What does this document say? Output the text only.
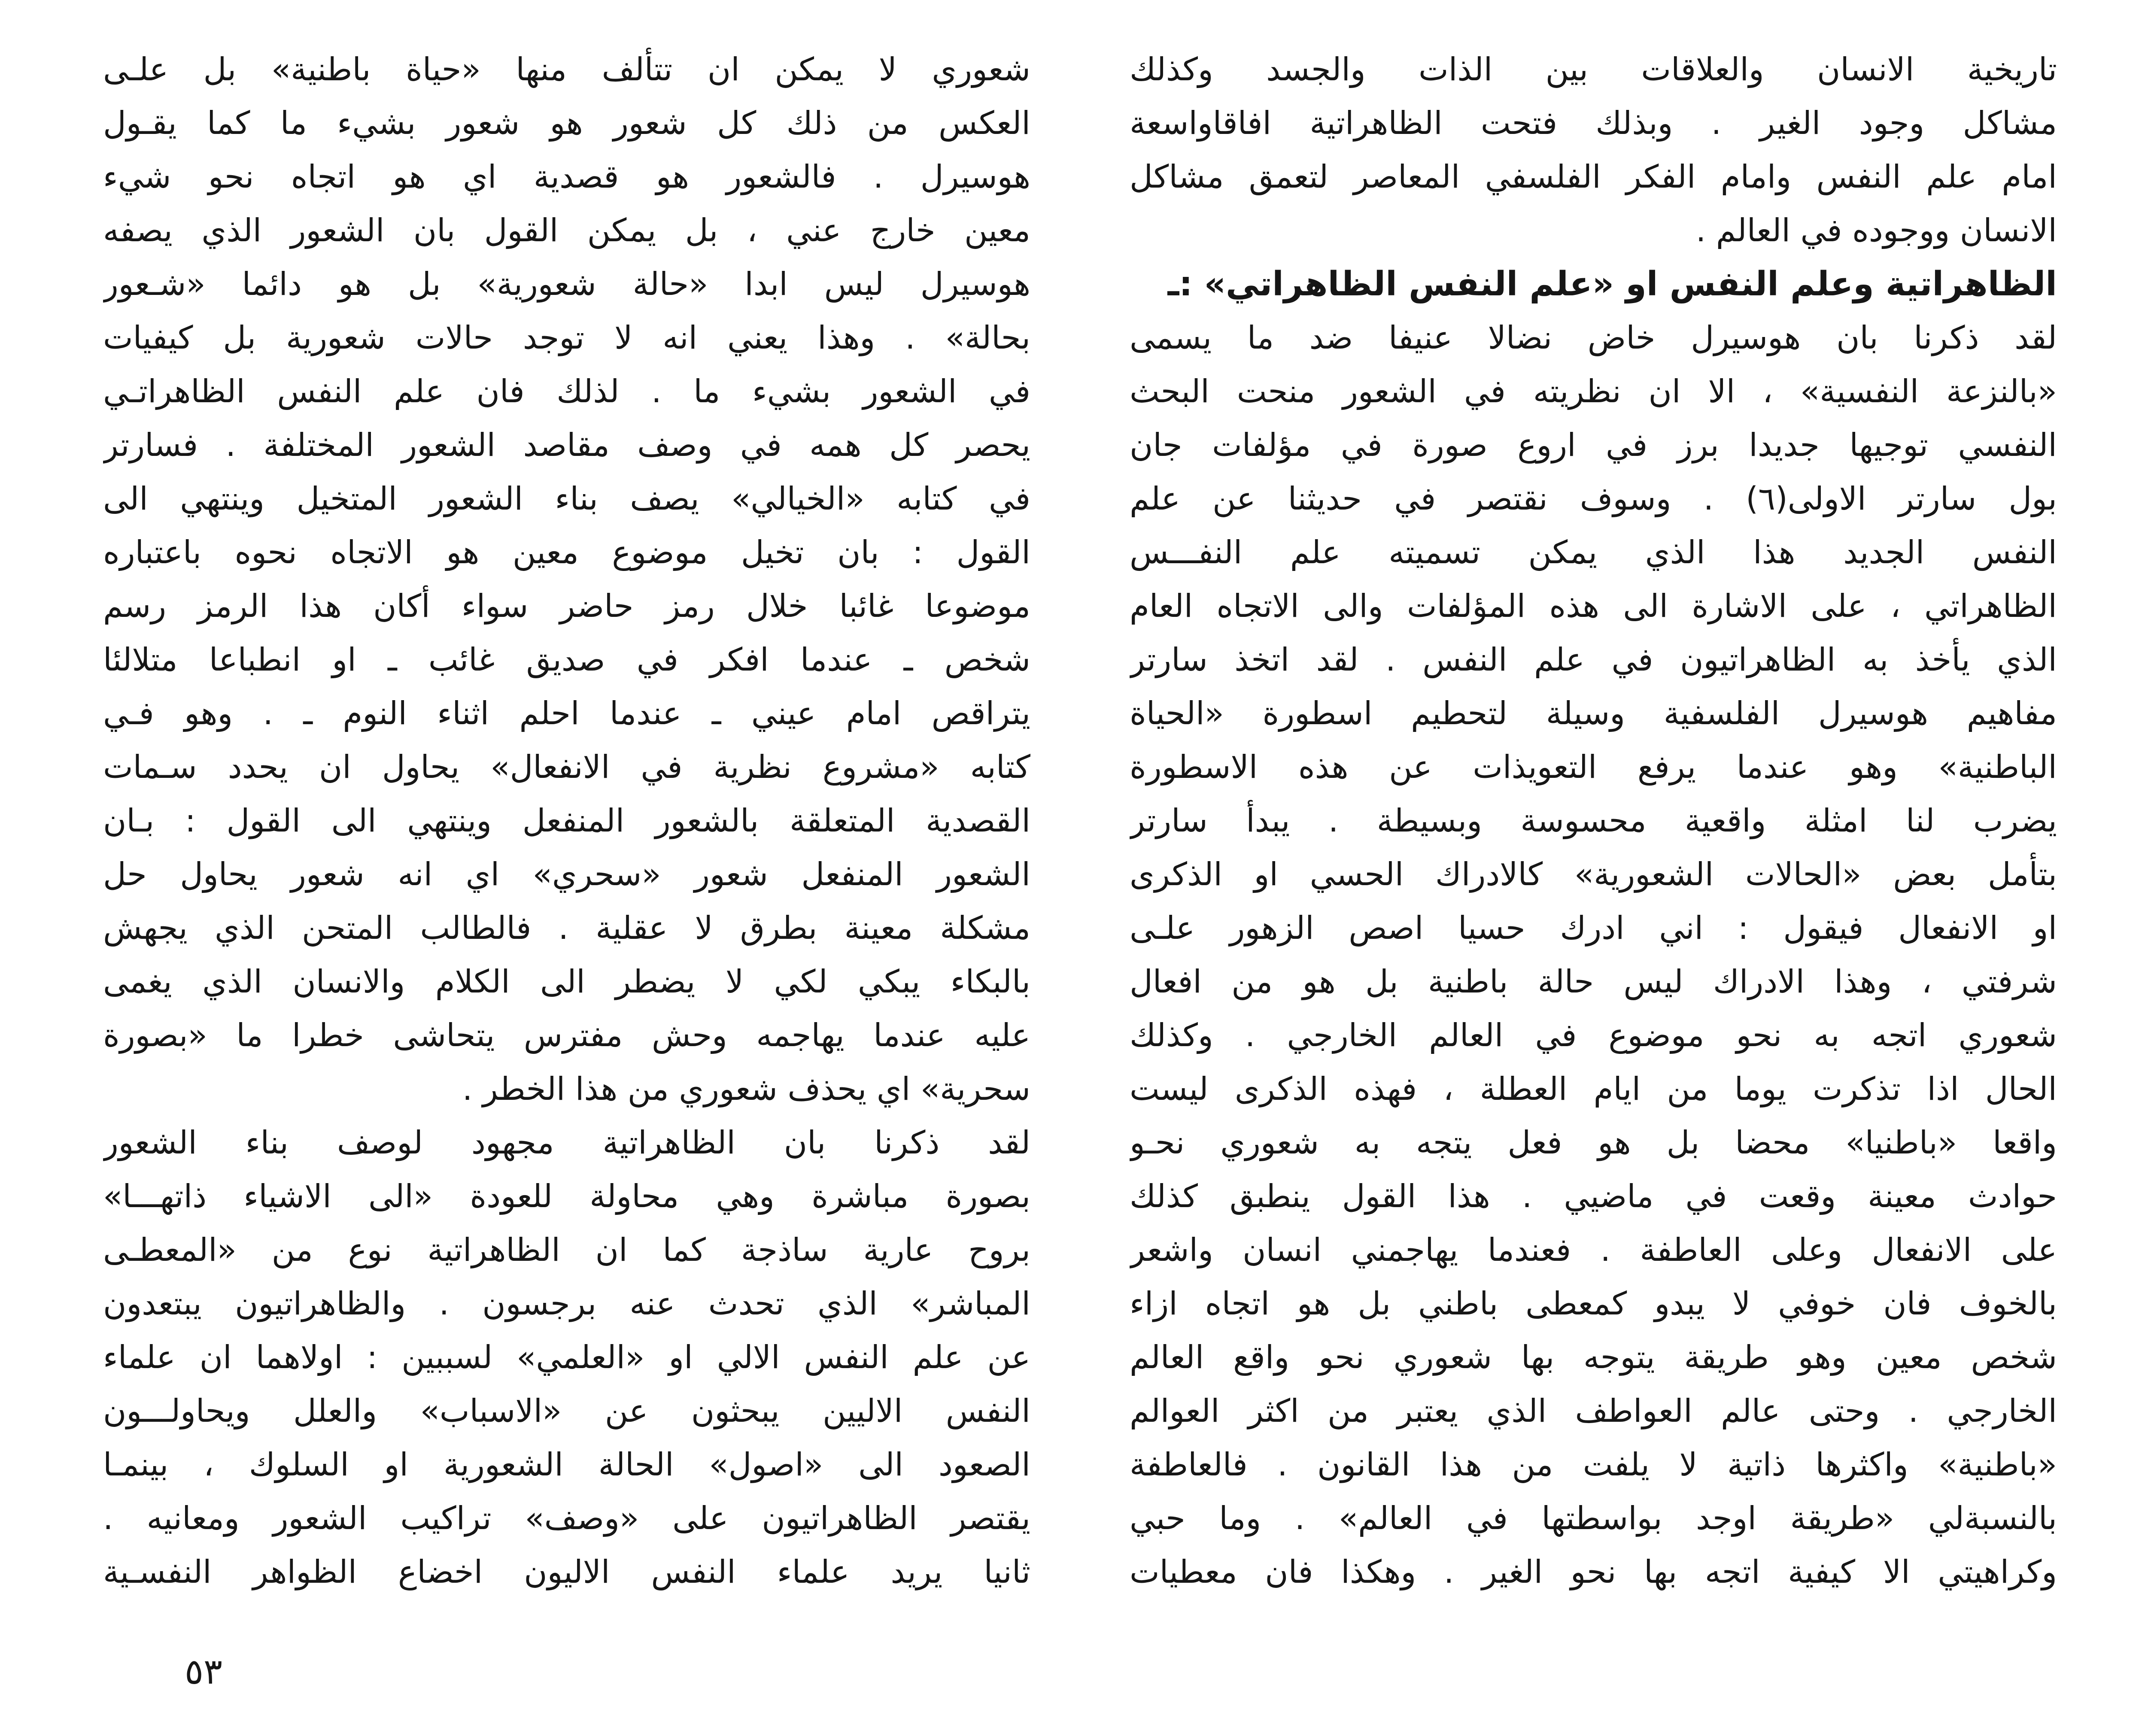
تاريخية الانسان والعلاقات بين الذات والجسد وكذلك
مشاكل وجود الغير . وبذلك فتحت الظاهراتية افاقاواسعة
امام علم النفس وامام الفكر الفلسفي المعاصر لتعمق مشاكل
الانسان ووجوده في العالم .
الظاهراتية وعلم النفس او «علم النفس الظاهراتي» :ـ
لقد ذكرنا بان هوسيرل خاض نضالا عنيفا ضد ما يسمى
«بالنزعة النفسية» ، الا ان نظريته في الشعور منحت البحث
النفسي توجيها جديدا برز في اروع صورة في مؤلفات جان
بول سارتر الاولى(٦) . وسوف نقتصر في حديثنا عن علم
النفس الجديد هذا الذي يمكن تسميته علم النفـــس
الظاهراتي ، على الاشارة الى هذه المؤلفات والى الاتجاه العام
الذي يأخذ به الظاهراتيون في علم النفس . لقد اتخذ سارتر
مفاهيم هوسيرل الفلسفية وسيلة لتحطيم اسطورة «الحياة
الباطنية» وهو عندما يرفع التعويذات عن هذه الاسطورة
يضرب لنا امثلة واقعية محسوسة وبسيطة . يبدأ سارتر
بتأمل بعض «الحالات الشعورية» كالادراك الحسي او الذكرى
او الانفعال فيقول : اني ادرك حسيا اصص الزهور علـى
شرفتي ، وهذا الادراك ليس حالة باطنية بل هو من افعال
شعوري اتجه به نحو موضوع في العالم الخارجي . وكذلك
الحال اذا تذكرت يوما من ايام العطلة ، فهذه الذكرى ليست
واقعا «باطنيا» محضا بل هو فعل يتجه به شعوري نحـو
حوادث معينة وقعت في ماضيي . هذا القول ينطبق كذلك
على الانفعال وعلى العاطفة . فعندما يهاجمني انسان واشعر
بالخوف فان خوفي لا يبدو كمعطى باطني بل هو اتجاه ازاء
شخص معين وهو طريقة يتوجه بها شعوري نحو واقع العالم
الخارجي . وحتى عالم العواطف الذي يعتبر من اكثر العوالم
«باطنية» واكثرها ذاتية لا يلفت من هذا القانون . فالعاطفة
بالنسبةلي «طريقة اوجد بواسطتها في العالم» . وما حبي
وكراهيتي الا كيفية اتجه بها نحو الغير . وهكذا فان معطيات
شعوري لا يمكن ان تتألف منها «حياة باطنية» بل علـى
العكس من ذلك كل شعور هو شعور بشيء ما كما يقـول
هوسيرل . فالشعور هو قصدية اي هو اتجاه نحو شيء
معين خارج عني ، بل يمكن القول بان الشعور الذي يصفه
هوسيرل ليس ابدا «حالة شعورية» بل هو دائما «شـعور
بحالة» . وهذا يعني انه لا توجد حالات شعورية بل كيفيات
في الشعور بشيء ما . لذلك فان علم النفس الظاهراتـي
يحصر كل همه في وصف مقاصد الشعور المختلفة . فسارتر
في كتابه «الخيالي» يصف بناء الشعور المتخيل وينتهي الى
القول : بان تخيل موضوع معين هو الاتجاه نحوه باعتباره
موضوعا غائبا خلال رمز حاضر سواء أكان هذا الرمز رسم
شخص ـ عندما افكر في صديق غائب ـ او انطباعا متلالئا
يتراقص امام عيني ـ عندما احلم اثناء النوم ـ . وهو فـي
كتابه «مشروع نظرية في الانفعال» يحاول ان يحدد سـمات
القصدية المتعلقة بالشعور المنفعل وينتهي الى القول : بـان
الشعور المنفعل شعور «سحري» اي انه شعور يحاول حل
مشكلة معينة بطرق لا عقلية . فالطالب المتحن الذي يجهش
بالبكاء يبكي لكي لا يضطر الى الكلام والانسان الذي يغمى
عليه عندما يهاجمه وحش مفترس يتحاشى خطرا ما «بصورة
سحرية» اي يحذف شعوري من هذا الخطر .
لقد ذكرنا بان الظاهراتية مجهود لوصف بناء الشعور
بصورة مباشرة وهي محاولة للعودة «الى الاشياء ذاتهـــا»
بروح عارية ساذجة كما ان الظاهراتية نوع من «المعطـى
المباشر» الذي تحدث عنه برجسون . والظاهراتيون يبتعدون
عن علم النفس الالي او «العلمي» لسببين : اولاهما ان علماء
النفس الاليين يبحثون عن «الاسباب» والعلل ويحاولـــون
الصعود الى «اصول» الحالة الشعورية او السلوك ، بينمـا
يقتصر الظاهراتيون على «وصف» تراكيب الشعور ومعانيه .
ثانيا يريد علماء النفس الاليون اخضاع الظواهر النفسـية
٥٣
